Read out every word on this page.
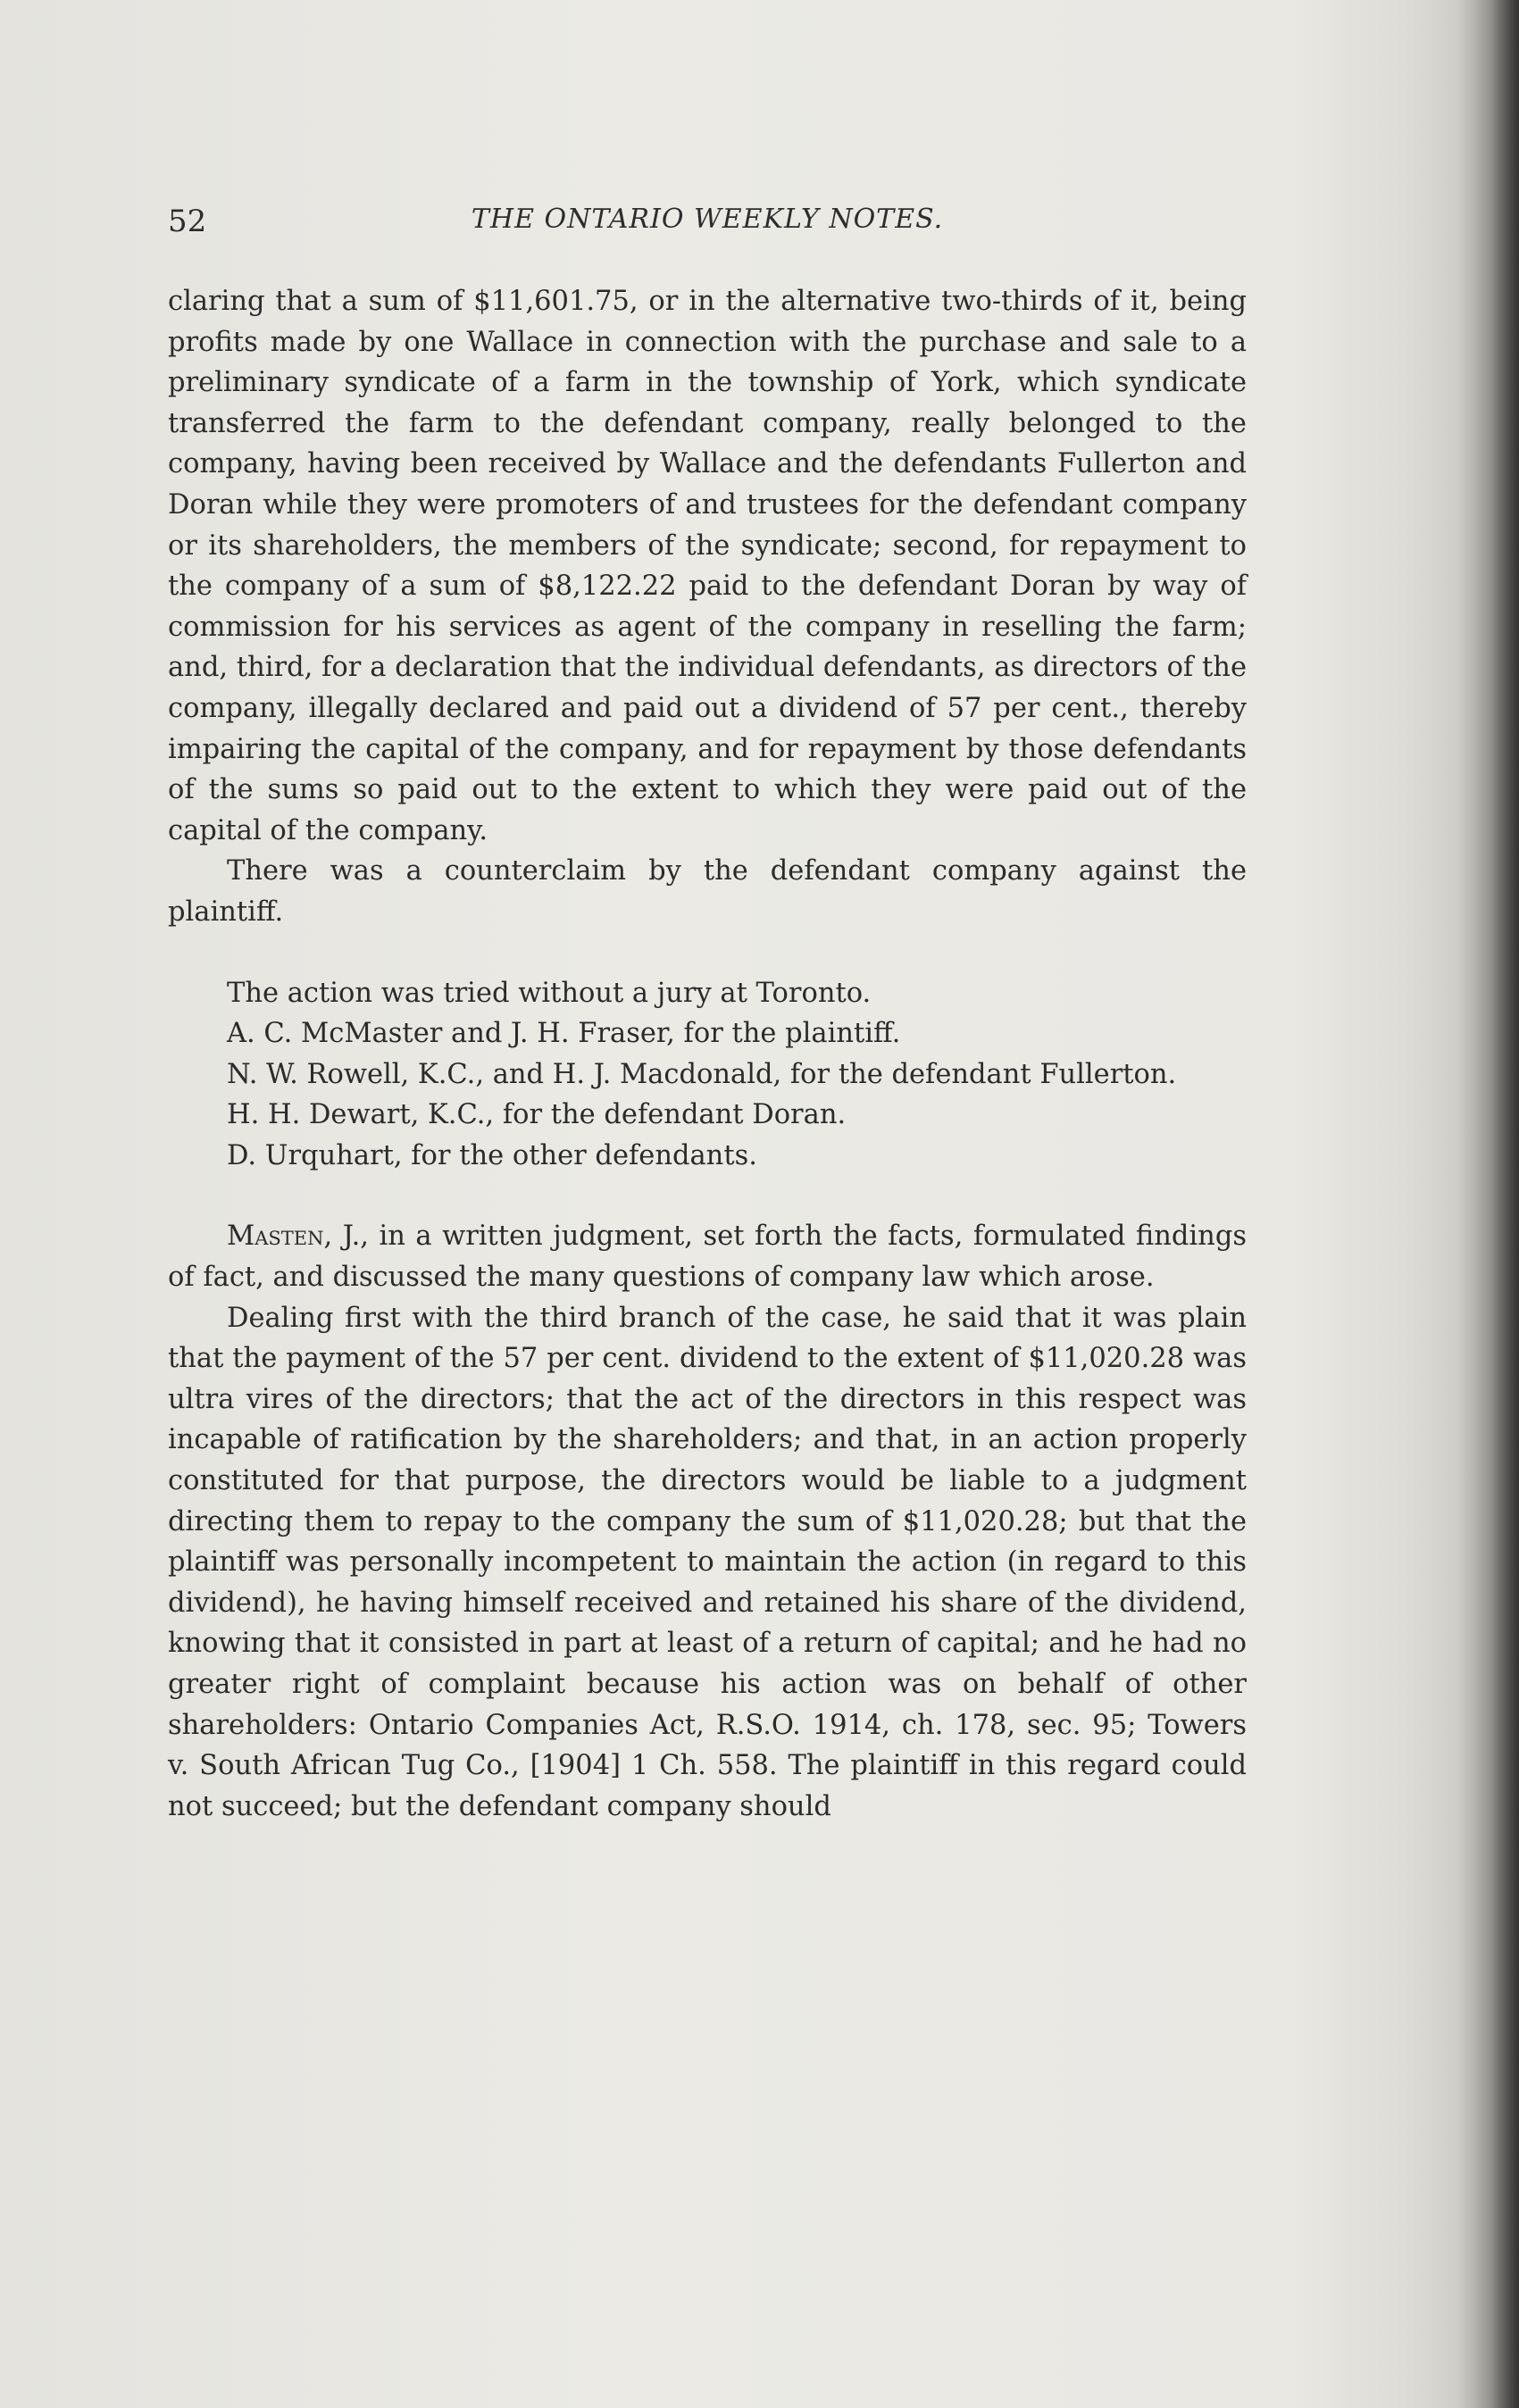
52	THE ONTARIO WEEKLY NOTES.

claring that a sum of $11,601.75, or in the alternative two-thirds of it, being profits made by one Wallace in connection with the purchase and sale to a preliminary syndicate of a farm in the township of York, which syndicate transferred the farm to the defendant company, really belonged to the company, having been received by Wallace and the defendants Fullerton and Doran while they were promoters of and trustees for the defendant company or its shareholders, the members of the syndicate; second, for repayment to the company of a sum of $8,122.22 paid to the defendant Doran by way of commission for his services as agent of the company in reselling the farm; and, third, for a declaration that the individual defendants, as directors of the company, illegally declared and paid out a dividend of 57 per cent., thereby impairing the capital of the company, and for repayment by those defendants of the sums so paid out to the extent to which they were paid out of the capital of the company.

There was a counterclaim by the defendant company against the plaintiff.

The action was tried without a jury at Toronto.

A. C. McMaster and J. H. Fraser, for the plaintiff.

N. W. Rowell, K.C., and H. J. Macdonald, for the defendant Fullerton.

H. H. Dewart, K.C., for the defendant Doran.

D. Urquhart, for the other defendants.

Masten, J., in a written judgment, set forth the facts, formulated findings of fact, and discussed the many questions of company law which arose.

Dealing first with the third branch of the case, he said that it was plain that the payment of the 57 per cent. dividend to the extent of $11,020.28 was ultra vires of the directors; that the act of the directors in this respect was incapable of ratification by the shareholders; and that, in an action properly constituted for that purpose, the directors would be liable to a judgment directing them to repay to the company the sum of $11,020.28; but that the plaintiff was personally incompetent to maintain the action (in regard to this dividend), he having himself received and retained his share of the dividend, knowing that it consisted in part at least of a return of capital; and he had no greater right of complaint because his action was on behalf of other shareholders: Ontario Companies Act, R.S.O. 1914, ch. 178, sec. 95; Towers v. South African Tug Co., [1904] 1 Ch. 558. The plaintiff in this regard could not succeed; but the defendant company should
